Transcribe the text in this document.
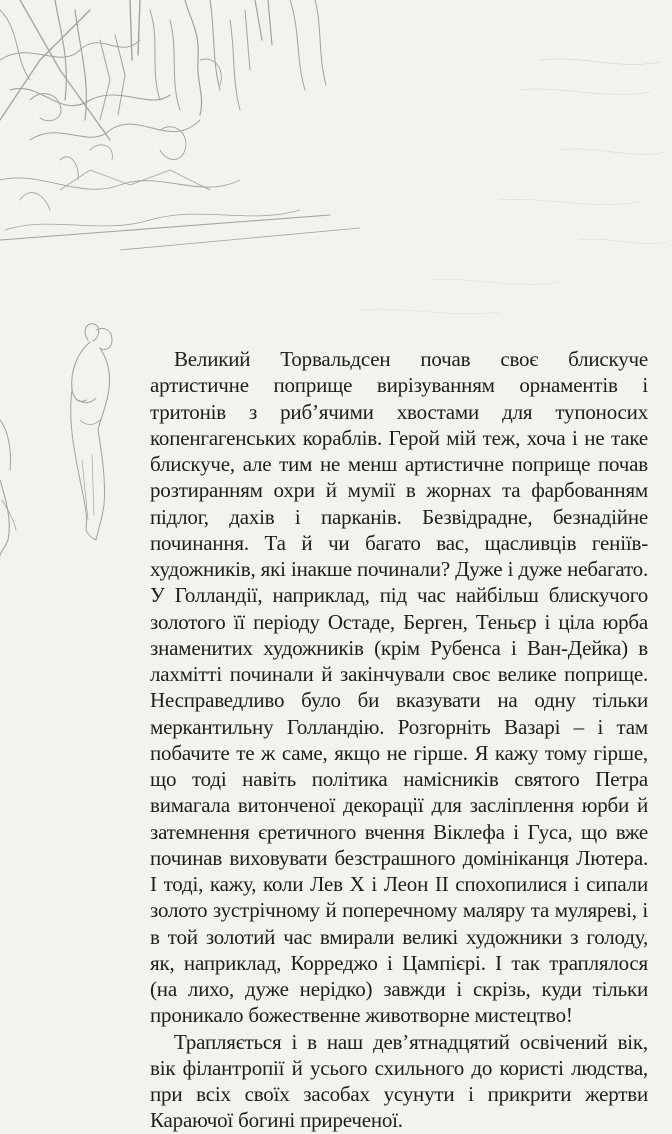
Великий Торвальдсен почав своє блискуче артистичне поприще вирізуванням орнаментів і тритонів з риб’ячими хвостами для тупоносих копенгагенських кораблів. Герой мій теж, хоча і не таке блискуче, але тим не менш артистичне поприще почав розтиранням охри й мумії в жорнах та фарбованням підлог, дахів і парканів. Безвідрадне, безнадійне починання. Та й чи багато вас, щасливців геніїв-художників, які інакше починали? Дуже і дуже небагато. У Голландії, наприклад, під час найбільш блискучого золотого її періоду Остаде, Берген, Теньєр і ціла юрба знаменитих художників (крім Рубенса і Ван-Дейка) в лахмітті починали й закінчували своє велике поприще. Несправедливо було би вказувати на одну тільки меркантильну Голландію. Розгорніть Вазарі – і там побачите те ж саме, якщо не гірше. Я кажу тому гірше, що тоді навіть політика намісників святого Петра вимагала витонченої декорації для засліплення юрби й затемнення єретичного вчення Віклефа і Гуса, що вже починав виховувати безстрашного домініканця Лютера. І тоді, кажу, коли Лев Х і Леон ІІ спохопилися і сипали золото зустрічному й поперечному маляру та муляреві, і в той золотий час вмирали великі художники з голоду, як, наприклад, Корреджо і Цампієрі. І так траплялося (на лихо, дуже нерідко) завжди і скрізь, куди тільки проникало божественне животворне мистецтво!

Трапляється і в наш дев’ятнадцятий освічений вік, вік філантропії й усього схильного до користі людства, при всіх своїх засобах усунути і прикрити жертви Караючої богині приреченої.
